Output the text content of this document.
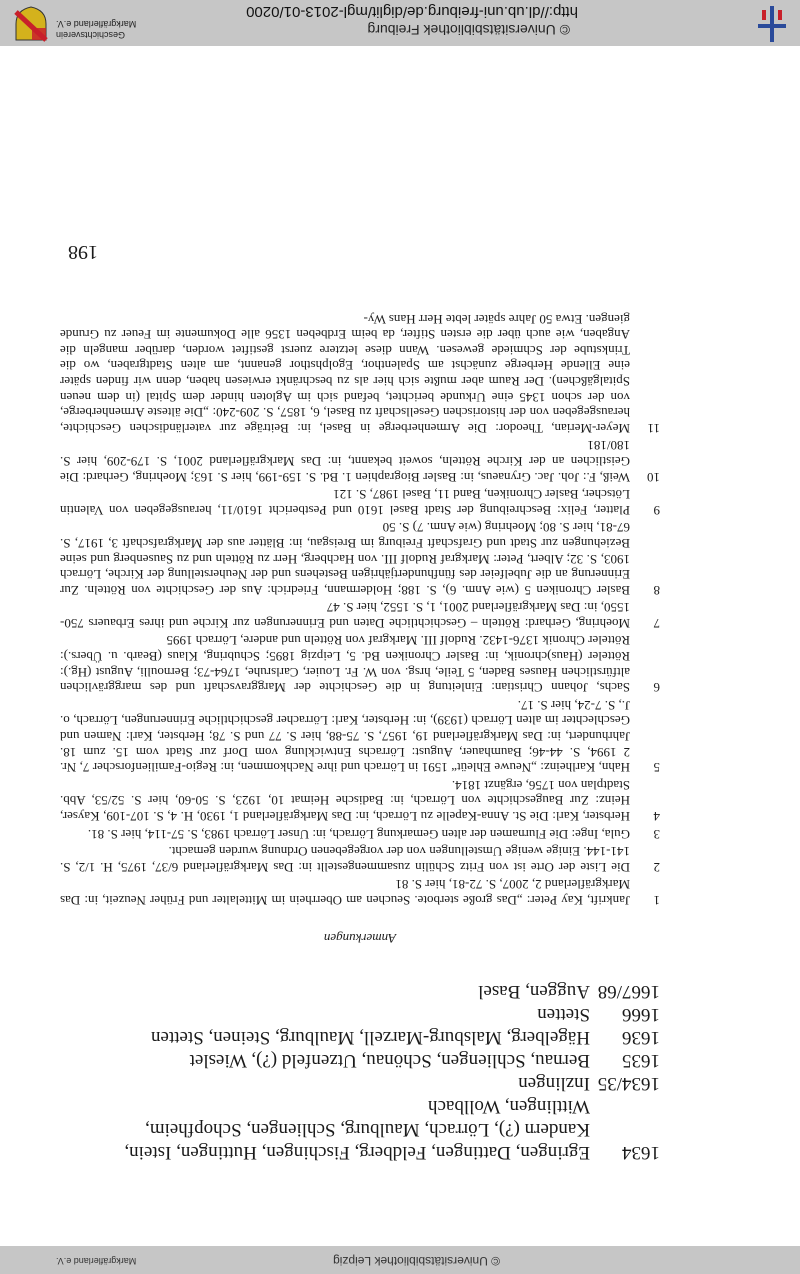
© Universitätsbibliothek Leipzig
Markgräflerland e.V.
1634	Egringen, Dattingen, Feldberg, Fischingen, Huttingen, Istein, Kandern (?), Lörrach, Maulburg, Schliengen, Schopfheim, Wittlingen, Wollbach
1634/35	Inzlingen
1635	Bernau, Schliengen, Schönau, Utzenfeld (?), Wieslet
1636	Hägelberg, Malsburg-Marzell, Maulburg, Steinen, Stetten
1666	Stetten
1667/68	Auggen, Basel
Anmerkungen
1
Jankrift, Kay Peter: „Das große sterbote. Seuchen am Oberrhein im Mittelalter und Früher Neuzeit, in: Das Markgräflerland 2, 2007, S. 72-81, hier S. 81
2
Die Liste der Orte ist von Fritz Schülin zusammengestellt in: Das Markgräflerland 6/37, 1975, H. 1/2, S. 141-144. Einige wenige Umstellungen von der vorgegebenen Ordnung wurden gemacht.
3
Gula, Inge: Die Flurnamen der alten Gemarkung Lörrach, in: Unser Lörrach 1983, S. 57-114, hier S. 81.
4
Herbster, Karl: Die St. Anna-Kapelle zu Lörrach, in: Das Markgräflerland 1, 1930, H. 4, S. 107-109, Kayser, Heinz: Zur Baugeschichte von Lörrach, in: Badische Heimat 10, 1923, S. 50-60, hier S. 52/53, Abb. Stadtplan von 1756, ergänzt 1814.
5
Hahn, Karlheinz: „Neuwe Ehleüt“ 1591 in Lörrach und ihre Nachkommen, in: Regio-Familienforscher 7, Nr. 2 1994, S. 44-46; Baumhauer, August: Lörrachs Entwicklung vom Dorf zur Stadt vom 15. zum 18. Jahrhundert, in: Das Markgräflerland 19, 1957, S. 75-88, hier S. 77 und S. 78; Herbster, Karl: Namen und Geschlechter im alten Lörrach (1939), in: Herbster, Karl: Lörracher geschichtliche Erinnerungen, Lörrach, o. J., S. 7-24, hier S. 17.
6
Sachs, Johann Christian: Einleitung in die Geschichte der Marggravschaft und des marggrävlichen altfürstlichen Hauses Baden, 5 Teile, hrsg. von W. Fr. Louier, Carlsruhe, 1764-73; Bernoulli, August (Hg.): Rötteler (Haus)chronik, in: Basler Chroniken Bd. 5, Leipzig 1895; Schubring, Klaus (Bearb. u. Übers.): Rötteler Chronik 1376-1432. Rudolf III. Markgraf von Rötteln und andere, Lörrach 1995
7
Moehring, Gerhard: Rötteln – Geschichtliche Daten und Erinnerungen zur Kirche und ihres Erbauers 750-1550, in: Das Markgräflerland 2001, 1, S. 1552, hier S. 47
8
Basler Chroniken 5 (wie Anm. 6), S. 188; Holdermann, Friedrich: Aus der Geschichte von Rötteln. Zur Erinnerung an die Jubelfeier des fünfhundertjährigen Bestehens und der Neuherstellung der Kirche, Lörrach 1903, S. 32; Albert, Peter: Markgraf Rudolf III. von Hachberg, Herr zu Rötteln und zu Sausenberg und seine Beziehungen zur Stadt und Grafschaft Freiburg im Breisgau, in: Blätter aus der Markgrafschaft 3, 1917, S. 67-81, hier S. 80; Moehring (wie Anm. 7) S. 50
9
Platter, Felix: Beschreibung der Stadt Basel 1610 und Pestbericht 1610/11, herausgegeben von Valentin Lötscher, Basler Chroniken, Band 11, Basel 1987, S. 121
10
Weiß, F.: Joh. Jac. Grynaeus, in: Basler Biographien 1. Bd. S. 159-199, hier S. 163; Moehring, Gerhard: Die Geistlichen an der Kirche Rötteln, soweit bekannt, in: Das Markgräflerland 2001, S. 179-209, hier S. 180/181
11
Meyer-Merian, Theodor: Die Armenherberge in Basel, in: Beiträge zur vaterländischen Geschichte, herausgegeben von der historischen Gesellschaft zu Basel, 6, 1857, S. 209-240: „Die älteste Armenherberge, von der schon 1345 eine Urkunde berichtet, befand sich im Agloten hinder dem Spital (in dem neuen Spitalgäßchen). Der Raum aber mußte sich hier als zu beschränkt erwiesen haben, denn wir finden später eine Ellende Herberge zunächst am Spalenthor, Egolphsthor genannt, am alten Stadtgraben, wo die Trinkstube der Schmiede gewesen. Wann diese letztere zuerst gestiftet worden, darüber mangeln die Angaben, wie auch über die ersten Stifter, da beim Erdbeben 1356 alle Dokumente im Feuer zu Grunde giengen. Etwa 50 Jahre später lebte Herr Hans Wy-
198
© Universitätsbibliothek Freiburg
http://dl.ub.uni-freiburg.de/diglit/mgl-2013-01/0200
Geschichtsverein
Markgräflerland e.V.
